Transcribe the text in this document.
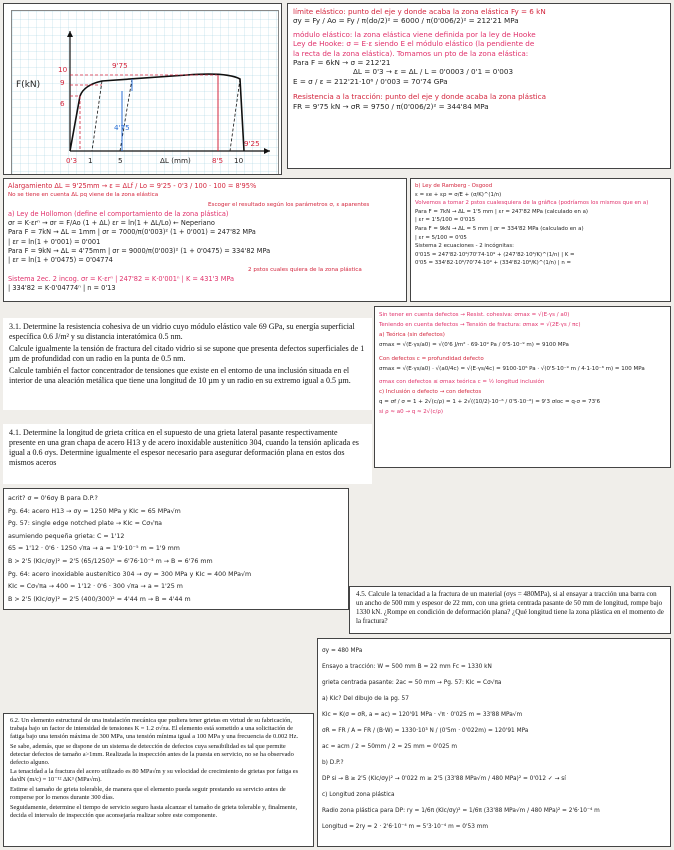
F(kN)
10
9
6
9'75
9'25
4'75
0'3 1	5	ΔL (mm)	8'5 10
límite elástico: punto del eje y donde acaba la zona elástica Fy = 6 kN
σy = Fy / Ao = Fy / π(do/2)² = 6000 / π(0'006/2)² = 212'21 MPa
módulo elástico: la zona elástica viene definida por la ley de Hooke
Ley de Hooke: σ = E·ε siendo E el módulo elástico (la pendiente de
la recta de la zona elástica). Tomamos un pto de la zona elástica:
Para F = 6kN → σ = 212'21
ΔL = 0'3 → ε = ΔL / L = 0'0003 / 0'1 = 0'003
E = σ / ε = 212'21·10⁶ / 0'003 = 70'74 GPa
Resistencia a la tracción: punto del eje y donde acaba la zona plástica
FR = 9'75 kN → σR = 9750 / π(0'006/2)² = 344'84 MPa
Alargamiento ΔL = 9'25mm → ε = ΔLf / Lo = 9'25 - 0'3 / 100 · 100 = 8'95%
No se tiene en cuenta ΔL pq viene de la zona elástica
Escoger el resultado según los parámetros σ, ε aparentes
a) Ley de Hollomon (define el comportamiento de la zona plástica)
σr = K·εrⁿ → σr = F/Ao (1 + ΔL) εr = ln(1 + ΔL/Lo) ← Neperiano
Para F = 7kN → ΔL = 1mm | σr = 7000/π(0'003)² (1 + 0'001) = 247'82 MPa
| εr = ln(1 + 0'001) = 0'001
Para F = 9kN → ΔL = 4'75mm | σr = 9000/π(0'003)² (1 + 0'0475) = 334'82 MPa
| εr = ln(1 + 0'0475) = 0'04774
2 pstos cuales quiera de la zona plástica
Sistema 2ec. 2 incog. σr = K·εrⁿ | 247'82 = K·0'001ⁿ | K = 431'3 MPa
| 334'82 = K·0'04774ⁿ | n = 0'13
b) Ley de Ramberg - Osgood
ε = εe + εp = σ/E + (σ/K)^(1/n)
Volvemos a tomar 2 pstos cualesquiera de la gráfica (podríamos los mismos que en a)
Para F = 7kN → ΔL = 1'5 mm | εr = 247'82 MPa (calculado en a)
| εr = 1'5/100 = 0'015
Para F = 9kN → ΔL = 5 mm | σr = 334'82 MPa (calculado en a)
| εr = 5/100 = 0'05
Sistema 2 ecuaciones - 2 incógnitas:
0'015 = 247'82·10⁶/70'74·10⁹ + (247'82·10⁶/K)^(1/n) | K =
0'05 = 334'82·10⁶/70'74·10⁹ + (334'82·10⁶/K)^(1/n) | n =

3.1. Determine la resistencia cohesiva de un vidrio cuyo módulo elástico vale 69 GPa, su energía superficial específica 0.6 J/m² y su distancia interatómica 0.5 nm.

Calcule igualmente la tensión de fractura del citado vidrio si se supone que presenta defectos superficiales de 1 µm de profundidad con un radio en la punta de 0.5 nm.

Calcule también el factor concentrador de tensiones que existe en el entorno de una inclusión situada en el interior de una aleación metálica que tiene una longitud de 10 µm y un radio en su extremo igual a 0.5 µm.

Sin tener en cuenta defectos → Resist. cohesiva: σmax = √(E·γs / a0)
Teniendo en cuenta defectos → Tensión de fractura: σmax = √(2E·γs / πc)
a) Teórica (sin defectos)
σmax = √(E·γs/a0) = √(0'6 J/m² · 69·10⁹ Pa / 0'5·10⁻⁹ m) = 9100 MPa
Con defectos c = profundidad defecto
σmax = √(E·γs/a0) · √(a0/4c) = √(E·γs/4c) = 9100·10⁶ Pa · √(0'5·10⁻⁹ m / 4·1·10⁻⁶ m) = 100 MPa
σmax con defectos ≤ σmax teórica c = ½ longitud inclusión
c) Inclusión o defecto → con defectos
q = σf / σ = 1 + 2√(c/ρ) = 1 + 2√((10/2)·10⁻⁶ / 0'5·10⁻⁶) = 9'3 σloc = q·σ = 73'6
si ρ ≈ a0 → q ≈ 2√(c/ρ)

4.1. Determine la longitud de grieta crítica en el supuesto de una grieta lateral pasante respectivamente presente en una gran chapa de acero H13 y de acero inoxidable austenítico 304, cuando la tensión aplicada es igual a 0.6 σys. Determine igualmente el espesor necesario para asegurar deformación plana en estos dos mismos aceros

acrit? σ = 0'6σy B para D.P.?
Pg. 64: acero H13 → σy = 1250 MPa y KIc = 65 MPa√m
Pg. 57: single edge notched plate → KIc = Cσ√πa
asumiendo pequeña grieta: C = 1'12
65 = 1'12 · 0'6 · 1250 √πa → a = 1'9·10⁻⁵ m = 1'9 mm
B > 2'5 (KIc/σy)² = 2'5 (65/1250)² = 6'76·10⁻³ m → B = 6'76 mm
Pg. 64: acero inoxidable austenítico 304 → σy = 300 MPa y KIc = 400 MPa√m
KIc = Cσ√πa → 400 = 1'12 · 0'6 · 300 √πa → a = 1'25 m
B > 2'5 (KIc/σy)² = 2'5 (400/300)² = 4'44 m → B = 4'44 m

4.5. Calcule la tenacidad a la fractura de un material (σys = 480MPa), si al ensayar a tracción una barra con un ancho de 500 mm y espesor de 22 mm, con una grieta centrada pasante de 50 mm de longitud, rompe bajo 1330 kN. ¿Rompe en condición de deformación plana? ¿Qué longitud tiene la zona plástica en el momento de la fractura?

σy = 480 MPa
Ensayo a tracción: W = 500 mm B = 22 mm Fc = 1330 kN
grieta centrada pasante: 2ac = 50 mm → Pg. 57: KIc = Cσ√πa
a) KIc? Del dibujo de la pg. 57
KIc = K(σ = σR, a = ac) = 120'91 MPa · √π · 0'025 m = 33'88 MPa√m
σR = FR / A = FR / (B·W) = 1330·10³ N / (0'5m · 0'022m) = 120'91 MPa
ac = acm / 2 = 50mm / 2 = 25 mm = 0'025 m
b) D.P.?
DP si → B ≥ 2'5 (KIc/σy)² → 0'022 m ≥ 2'5 (33'88 MPa√m / 480 MPa)² = 0'012 ✓ → sí
c) Longitud zona plástica
Radio zona plástica para DP: ry = 1/6π (KIc/σy)² = 1/6π (33'88 MPa√m / 480 MPa)² = 2'6·10⁻⁴ m
Longitud = 2ry = 2 · 2'6·10⁻⁴ m = 5'3·10⁻⁴ m = 0'53 mm

6.2. Un elemento estructural de una instalación mecánica que pudiera tener grietas en virtud de su fabricación, trabaja bajo un factor de intensidad de tensiones K = 1.2 σ√πa. El elemento está sometido a una solicitación de fatiga bajo una tensión máxima de 300 MPa, una tensión mínima igual a 100 MPa y una frecuencia de 0.002 Hz.

Se sabe, además, que se dispone de un sistema de detección de defectos cuya sensibilidad es tal que permite detectar defectos de tamaño a>1mm. Realizada la inspección antes de la puesta en servicio, no se ha observado defecto alguno.

La tenacidad a la fractura del acero utilizado es 80 MPa√m y su velocidad de crecimiento de grietas por fatiga es da/dN (m/c) = 10⁻¹² ΔK³ (MPa√m).

Estime el tamaño de grieta tolerable, de manera que el elemento pueda seguir prestando su servicio antes de romperse por lo menos durante 300 días.

Seguidamente, determine el tiempo de servicio seguro hasta alcanzar el tamaño de grieta tolerable y, finalmente, decida el intervalo de inspección que aconsejaría realizar sobre este componente.
